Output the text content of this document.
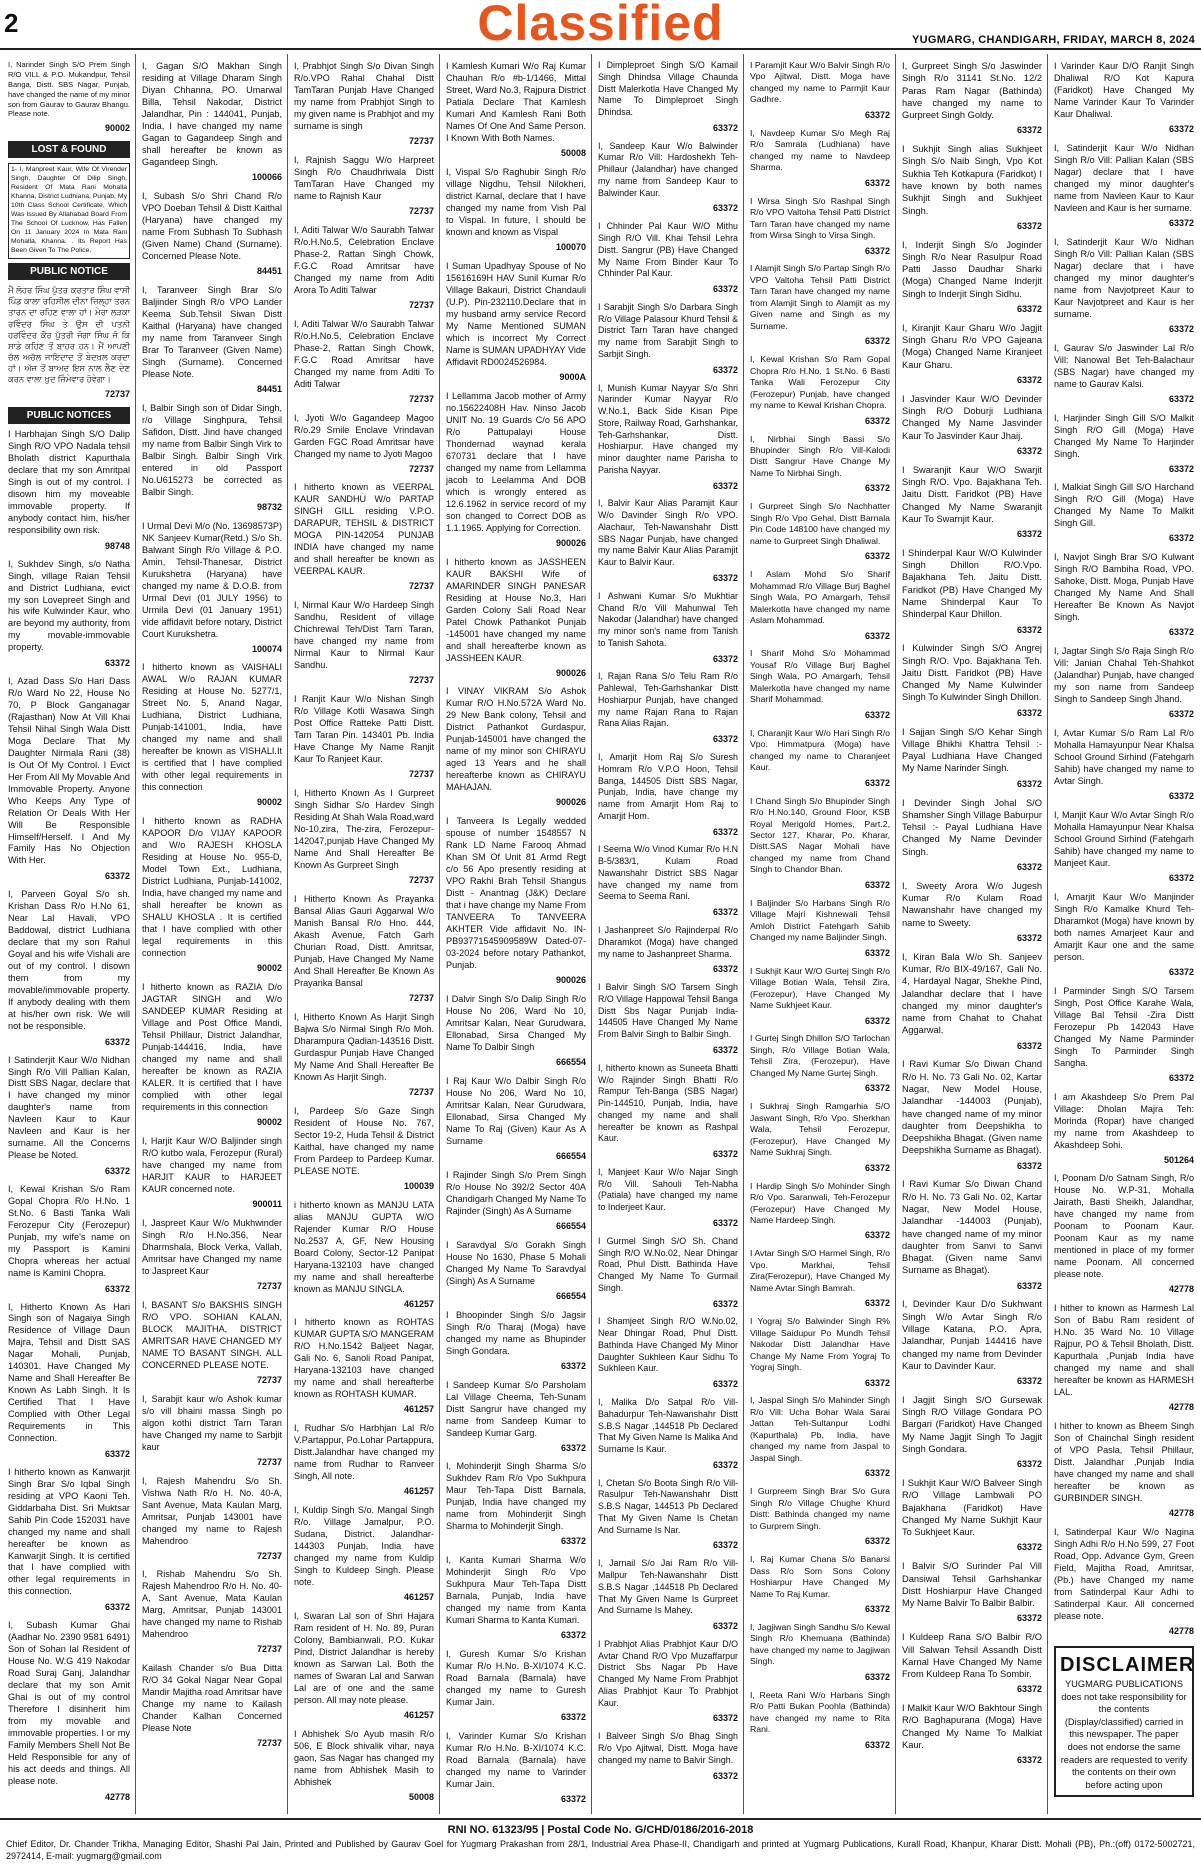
2	Classified	YUGMARG, CHANDIGARH, FRIDAY, MARCH 8, 2024
I, Narinder Singh S/O Prem Singh R/O VILL & P.O. Mukandpur, Tehsil Banga, Distt. SBS Nagar, Punjab, have changed the name of my minor son from Gaurav to Gaurav Bhangu. Please note.
90002
LOST & FOUND
1- I, Manpreet Kaur, Wife Of Virender Singh, Daughter Of Dilip Singh, Resident Of Mata Rani Mohalla Khanna, District Ludhiana, Punjab, My 10th Class School Certificate, Which Was Issued By Allahabad Board From The School Of Lucknow, Has Fallen On 11 January 2024 In Mata Rani Mohalla, Khanna. . Its Report Has Been Given To The Police.
PUBLIC NOTICE
ਮੈਂ ਲੋਹਰ ਸਿੰਘ ਪੁੱਤਰ ਕਰਤਾਰ ਸਿੰਘ ਵਾਸੀ ਪਿੰਡ ਕਾਲਾ ਰਹਿਸੀਲ ਦੀਨਾ ਜ਼ਿਲ੍ਹਾ ਤਰਨ ਤਾਰਨ ਦਾ ਰਹਿਣ ਵਾਲਾ ਹਾਂ। ਮੇਰਾ ਲੜਕਾ ਰਵਿੰਦਰ ਸਿੰਘ ਤੇ ਉਸ ਦੀ ਪਤਨੀ ਹਰਵਿੰਦਰ ਕੌਰ ਪੁੱਤਰੀ ਜੋਗਾ ਸਿੰਘ ਜੋ ਕਿ ਸਾਡੇ ਕਹਿਣ ਤੋਂ ਬਾਹਰ ਹਨ। ਮੈਂ ਆਪਣੀ ਚੱਲ ਅਚੱਲ ਜਾਇਦਾਦ ਤੋਂ ਬੇਦਖ਼ਲ ਕਰਦਾ ਹਾਂ। ਅੱਜ ਤੋਂ ਬਾਅਦ ਇਸ ਨਾਲ ਲੈਣ ਦੇਣ ਕਰਨ ਵਾਲਾ ਖ਼ੁਦ ਜ਼ਿੰਮੇਵਾਰ ਹੋਵੇਗਾ।
72737
PUBLIC NOTICES
I Harbhajan Singh S/O Dalip Singh R/O VPO Nadala tehsil Bholath district Kapurthala declare that my son Amritpal Singh is out of my control. I disown him my moveable immovable property. If anybody contact him, his/her responsibility own risk.
98748
I, Sukhdev Singh, s/o Natha Singh, village Raian Tehsil and District Ludhiana, evict my son Lovepreet Singh and his wife Kulwinder Kaur, who are beyond my authority, from my movable-immovable property.
63372
I, Azad Dass S/o Hari Dass R/o Ward No 22, House No 70, P Block Ganganagar (Rajasthan) Now At Vill Khai Tehsil Nihal Singh Wala Distt Moga Declare That My Daughter Nirmala Rani (38) Is Out Of My Control. I Evict Her From All My Movable And Immovable Property. Anyone Who Keeps Any Type of Relation Or Deals With Her Will Be Responsible Himself/Herself. I And My Family Has No Objection With Her.
63372
I, Parveen Goyal S/o sh. Krishan Dass R/o H.No 61, Near Lal Havali, VPO Baddowal, district Ludhiana declare that my son Rahul Goyal and his wife Vishali are out of my control. I disown them from my movable/immovable property. If anybody dealing with them at his/her own risk. We will not be responsible.
63372
I Satinderjit Kaur W/o Nidhan Singh R/o Vill Pallian Kalan, Distt SBS Nagar, declare that I have changed my minor daughter's name from Navleen Kaur to Kaur Navleen and Kaur is her surname. All the Concerns Please be Noted.
63372
I, Kewal Krishan S/o Ram Gopal Chopra R/o H.No. 1 St.No. 6 Basti Tanka Wali Ferozepur City (Ferozepur) Punjab, my wife's name on my Passport is Kamini Chopra whereas her actual name is Kamini Chopra.
63372
I, Hitherto Known As Hari Singh son of Nagaiya Singh Residence of Village Daun Majra, Tehsil and Distt SAS Nagar Mohali, Punjab, 140301. Have Changed My Name and Shall Hereafter Be Known As Labh Singh. It Is Certified That I Have Complied with Other Legal Requirements in This Connection.
63372
I hitherto known as Kanwarjit Singh Brar S/o Iqbal Singh residing at VPO Kaoni Teh. Giddarbaha Dist. Sri Muktsar Sahib Pin Code 152031 have changed my name and shall hereafter be known as Kanwarjit Singh. It is certified that I have complied with other legal requirements in this connection.
63372
I, Subash Kumar Ghai (Aadhar No. 2390 9581 6491) Son of Sohan lal Resident of House No. W.G 419 Nakodar Road Suraj Ganj, Jalandhar declare that my son Amit Ghai is out of my control Therefore I disinherit him from my movable and immovable properties. I or my Family Members Shell Not Be Held Responsible for any of his act deeds and things. All please note.
42778
I, Gagan S/O Makhan Singh residing at Village Dharam Singh Diyan Chhanna, PO. Umarwal Billa, Tehsil Nakodar, District Jalandhar, Pin : 144041, Punjab, India, I have changed my name Gagan to Gagandeep Singh and shall hereafter be known as Gagandeep Singh.
100066
I, Subash S/o Shri Chand R/o VPO Doeban Tehsil & Distt Kaithal (Haryana) have changed my name From Subhash To Subhash (Given Name) Chand (Surname). Concerned Please Note.
84451
I, Taranveer Singh Brar S/o Baljinder Singh R/o VPO Lander Keema Sub.Tehsil Siwan Distt Kaithal (Haryana) have changed my name from Taranveer Singh Brar To Taranveer (Given Name) Singh (Surname). Concerned Please Note.
84451
I, Balbir Singh son of Didar Singh, r/o Village Singhpura, Tehsil Safidon, Distt. Jind have changed my name from Balbir Singh Virk to Balbir Singh. Balbir Singh Virk entered in old Passport No.U615273 be corrected as Balbir Singh.
98732
I Urmal Devi M/o (No. 13698573P) NK Sanjeev Kumar(Retd.) S/o Sh. Balwant Singh R/o Village & P.O. Amin, Tehsil-Thanesar, District Kurukshetra (Haryana) have changed my name & D.O.B. from Urmal Devi (01 JULY 1956) to Urmila Devi (01 January 1951) vide affidavit before notary, District Court Kurukshetra.
100074
I hitherto known as VAISHALI AWAL W/o RAJAN KUMAR Residing at House No. 5277/1, Street No. 5, Anand Nagar, Ludhiana, District Ludhiana, Punjab-141001, India, have changed my name and shall hereafter be known as VISHALI.It is certified that I have complied with other legal requirements in this connection
90002
I hitherto known as RADHA KAPOOR D/o VIJAY KAPOOR and W/o RAJESH KHOSLA Residing at House No. 955-D, Model Town Ext., Ludhiana, District Ludhiana, Punjab-141002, India, have changed my name and shall hereafter be known as SHALU KHOSLA . It is certified that I have complied with other legal requirements in this connection
90002
I hitherto known as RAZIA D/o JAGTAR SINGH and W/o SANDEEP KUMAR Residing at Village and Post Office Mandi, Tehsil Phillaur, District Jalandhar, Punjab-144416, India, have changed my name and shall hereafter be known as RAZIA KALER. It is certified that I have complied with other legal requirements in this connection
90002
I, Harjit Kaur W/O Baljinder singh R/O kutbo wala, Ferozepur (Rural) have changed my name from HARJIT KAUR to HARJEET KAUR concerned note.
900011
I, Jaspreet Kaur W/o Mukhwinder Singh R/o H.No.356, Near Dharmshala, Block Verka, Vallah, Amritsar have Changed my name to Jaspreet Kaur
72737
I, BASANT S/o BAKSHIS SINGH R/O VPO. SOHIAN KALAN, BLOCK MAJITHA, DISTRICT AMRITSAR HAVE CHANGED MY NAME TO BASANT SINGH. ALL CONCERNED PLEASE NOTE.
72737
I, Sarabjit kaur w/o Ashok kumar s/o vill bhaini massa Singh po algon kothi district Tarn Taran have Changed my name to Sarbjit kaur
72737
I, Rajesh Mahendru S/o Sh. Vishwa Nath R/o H. No. 40-A, Sant Avenue, Mata Kaulan Marg, Amritsar, Punjab 143001 have changed my name to Rajesh Mahendroo
72737
I, Rishab Mahendru S/o Sh. Rajesh Mahendroo R/o H. No. 40-A, Sant Avenue, Mata Kaulan Marg, Amritsar, Punjab 143001 have changed my name to Rishab Mahendroo
72737
Kailash Chander s/o Bua Ditta R/O 34 Gokal Nagar Near Gopal Mandir Majitha road Amritsar have Change my name to Kailash Chander Kalhan Concerned Please Note
72737
I, Prabhjot Singh S/o Divan Singh R/o.VPO Rahal Chahal Distt TamTaran Punjab Have Changed my name from Prabhjot Singh to my given name is Prabhjot and my surname is singh
72737
I, Rajnish Saggu W/o Harpreet Singh R/o Chaudhriwala Distt TamTaran Have Changed my name to Rajnish Kaur
72737
I, Aditi Talwar W/o Saurabh Talwar R/o.H.No.5, Celebration Enclave Phase-2, Rattan Singh Chowk, F.G.C Road Amritsar have Changed my name from Aditi Arora To Aditi Talwar
72737
I, Aditi Talwar W/o Saurabh Talwar R/o.H.No.5, Celebration Enclave Phase-2, Rattan Singh Chowk, F.G.C Road Amritsar have Changed my name from Aditi To Aditi Talwar
72737
I, Jyoti W/o Gagandeep Magoo R/o.29 Smile Enclave Vrindavan Garden FGC Road Amritsar have Changed my name to Jyoti Magoo
72737
I hitherto known as VEERPAL KAUR SANDHU W/o PARTAP SINGH GILL residing V.P.O. DARAPUR, TEHSIL & DISTRICT MOGA PIN-142054 PUNJAB INDIA have changed my name and shall hereafter be known as VEERPAL KAUR.
72737
I, Nirmal Kaur W/o Hardeep Singh Sandhu, Resident of village Chichrewal Teh/Dist Tarn Taran, have changed my name from Nirmal Kaur to Nirmal Kaur Sandhu.
72737
I Ranjit Kaur W/o Nishan Singh R/o Village Kotli Wasawa Singh Post Office Ratteke Patti Distt. Tarn Taran Pin. 143401 Pb. India Have Change My Name Ranjit Kaur To Ranjeet Kaur.
72737
I, Hitherto Known As I Gurpreet Singh Sidhar S/o Hardev Singh Residing At Shah Wala Road,ward No-10,zira, The-zira, Ferozepur-142047,punjab Have Changed My Name And Shall Hereafter Be Known As Gurpreet Singh
72737
I Hitherto Known As Prayanka Bansal Alias Gauri Aggarwal W/o Manish Bansal R/o Hno. 444, Akash Avenue, Fatch Garh Churian Road, Distt. Amritsar, Punjab, Have Changed My Name And Shall Hereafter Be Known As Prayanka Bansal
72737
I, Hitherto Known As Harjit Singh Bajwa S/o Nirmal Singh R/o Moh. Dharampura Qadian-143516 Distt. Gurdaspur Punjab Have Changed My Name And Shall Hereafter Be Known As Harjit Singh.
72737
I, Pardeep S/o Gaze Singh Resident of House No. 767, Sector 19-2, Huda Tehsil & District Kaithal, have changed my name From Pardeep to Pardeep Kumar. PLEASE NOTE.
100039
i hitherto known as MANJU LATA alias MANJU GUPTA W/O Rajender Kumar R/O House No.2537 A, GF, New Housing Board Colony, Sector-12 Panipat Haryana-132103 have changed my name and shall hereafterbe known as MANJU SINGLA.
461257
I hitherto known as ROHTAS KUMAR GUPTA S/O MANGERAM R/O H.No.1542 Baljeet Nagar, Gali No. 6, Sanoli Road Panipat, Haryana-132103 have changed my name and shall hereafterbe known as ROHTASH KUMAR.
461257
I, Rudhar S/o Harbhjan Lal R/o V.Partappur, Po.Lohar Partappura, Distt.Jalandhar have changed my name from Rudhar to Ranveer Singh, All note.
461257
I, Kuldip Singh S/o. Mangal Singh R/o. Village Jamalpur, P.O. Sudana, District. Jalandhar-144303 Punjab, India have changed my name from Kuldip Singh to Kuldeep Singh. Please note.
461257
I, Swaran Lal son of Shri Hajara Ram resident of H. No. 89, Puran Colony, Bambianwali, P.O. Kukar Pind, District Jalandhar is hereby known as Sarwan Lal. Both the names of Swaran Lal and Sarwan Lal are of one and the same person. All may note please.
461257
I Abhishek S/o Ayub masih R/o 506, E Block shivalik vihar, naya gaon, Sas Nagar has changed my name from Abhishek Masih to Abhishek
50008
I Kamlesh Kumari W/o Raj Kumar Chauhan R/o #b-1/1466, Mittal Street, Ward No.3, Rajpura District Patiala Declare That Kamlesh Kumari And Kamlesh Rani Both Names Of One And Same Person. I Known With Both Names.
50008
I, Vispal S/o Raghubir Singh R/o village Nigdhu, Tehsil Nilokheri, district Karnal, declare that I have changed my name from Vish Pal to Vispal. In future, I should be known and known as Vispal
100070
I Suman Upadhyay Spouse of No 15616169H HAV Sunil Kumar R/o Village Bakauri, District Chandauli (U.P). Pin-232110.Declare that in my husband army service Record My Name Mentioned SUMAN which is incorrect My Correct Name is SUMAN UPADHYAY Vide Affidavit RD0024526984.
9000A
I Lellamma Jacob mother of Army no.15622408H Hav. Ninso Jacob UNIT No. 19 Guards C/o 56 APO R/o Pattupalayi House Thondernad waynad kerala 670731 declare that I have changed my name from Lellamma jacob to Leelamma And DOB which is wrongly entered as 12.6.1962 in service record of my son changed to Correct DOB as 1.1.1965. Applying for Correction.
900026
I hitherto known as JASSHEEN KAUR BAKSHI Wife of AMARINDER SINGH PANESAR Residing at House No.3, Hari Garden Colony Sali Road Near Patel Chowk Pathankot Punjab -145001 have changed my name and shall hereafterbe known as JASSHEEN KAUR.
900026
I VINAY VIKRAM S/o Ashok Kumar R/O H.No.572A Ward No. 29 New Bank colony, Tehsil and District Pathankot Gurdaspur, Punjab-145001 have changed the name of my minor son CHIRAYU aged 13 Years and he shall hereafterbe known as CHIRAYU MAHAJAN.
900026
I Tanveera Is Legally wedded spouse of number 1548557 N Rank LD Name Farooq Ahmad Khan SM Of Unit 81 Armd Regt c/o 56 Apo presently residing at VPO Rakhi Brah Tehsil Shangus Distt - Anantnag (J&K) Declare that i have change my Name From TANVEERA To TANVEERA AKHTER Vide affidavit No. IN-PB93771545909589W Dated-07-03-2024 before notary Pathankot, Punjab.
900026
I Dalvir Singh S/o Dalip Singh R/o House No 206, Ward No 10, Amritsar Kalan, Near Gurudwara, Ellonabad, Sirsa Changed My Name To Dalbir Singh
666554
I Raj Kaur W/o Dalbir Singh R/o House No 206, Ward No 10, Amritsar Kalan, Near Gurudwara, Ellonabad, Sirsa Changed My Name To Raj (Given) Kaur As A Surname
666554
I Rajinder Singh S/o Prem Singh R/o House No 392/2 Sector 40A Chandigarh Changed My Name To Rajinder (Singh) As A Surname
666554
I Saravdyal S/o Gorakh Singh House No 1630, Phase 5 Mohali Changed My Name To Saravdyal (Singh) As A Surname
666554
I Bhoopinder Singh S/o Jagsir Singh R/o Tharaj (Moga) have changed my name as Bhupinder Singh Gondara.
63372
I Sandeep Kumar S/o Parsholam Lal Village Cheema, Teh-Sunam Distt Sangrur have changed my name from Sandeep Kumar to Sandeep Kumar Garg.
63372
I, Mohinderjit Singh Sharma S/o Sukhdev Ram R/o Vpo Sukhpura Maur Teh-Tapa Distt Barnala, Punjab, India have changed my name from Mohinderjit Singh Sharma to Mohinderjit Singh.
63372
I, Kanta Kumari Sharma W/o Mohinderjit Singh R/o Vpo Sukhpura Maur Teh-Tapa Distt Barnala, Punjab, India have changed my name from Kanta Kumari Sharma to Kanta Kumari.
63372
I, Guresh Kumar S/o Krishan Kumar R/o H.No. B-XI/1074 K.C. Road Barnala (Barnala) have changed my name to Guresh Kumar Jain.
63372
I, Varinder Kumar S/o Krishan Kumar R/o H.No. B-XI/1074 K.C. Road Barnala (Barnala) have changed my name to Varinder Kumar Jain.
63372
I Dimpleproet Singh S/O Kamail Singh Dhindsa Village Chaunda Distt Malerkotla Have Changed My Name To Dimpleproet Singh Dhindsa.
63372
I, Sandeep Kaur W/o Balwinder Kumar R/o Vill: Hardoshekh Teh-Phillaur (Jalandhar) have changed my name from Sandeep Kaur to Balwinder Kaur.
63372
I Chhinder Pal Kaur W/O Mithu Singh R/O Vill. Khai Tehsil Lehra Distt. Sangrur (PB) Have Changed My Name From Binder Kaur To Chhinder Pal Kaur.
63372
I Sarabjit Singh S/o Darbara Singh R/o Village Palasour Khurd Tehsil & District Tarn Taran have changed my name from Sarabjit Singh to Sarbjit Singh.
63372
I, Munish Kumar Nayyar S/o Shri Narinder Kumar Nayyar R/o W.No.1, Back Side Kisan Pipe Store, Railway Road, Garhshankar, Teh-Garhshankar, Distt. Hoshiarpur. Have changed my minor daughter name Parisha to Parisha Nayyar.
63372
I, Balvir Kaur Alias Paramjit Kaur W/o Davinder Singh R/o VPO. Alachaur, Teh-Nawanshahr Distt SBS Nagar Punjab, have changed my name Balvir Kaur Alias Paramjit Kaur to Balvir Kaur.
63372
I Ashwani Kumar S/o Mukhtiar Chand R/o Vill Mahunwal Teh Nakodar (Jalandhar) have changed my minor son's name from Tanish to Tanish Sahota.
63372
I, Rajan Rana S/o Telu Ram R/o Pahlewal, Teh-Garhshankar Distt Hoshiarpur Punjab, have changed my name Rajan Rana to Rajan Rana Alias Rajan.
63372
I, Amarjit Hom Raj S/o Suresh Homram R/o V.P.O Hoon, Tehsil Banga, 144505 Distt SBS Nagar, Punjab, India, have change my name from Amarjit Hom Raj to Amarjit Hom.
63372
I Seema W/o Vinod Kumar R/o H.N B-5/383/1, Kulam Road Nawanshahr District SBS Nagar have changed my name from Seema to Seema Rani.
63372
I Jashanpreet S/o Rajinderpal R/o Dharamkot (Moga) have changed my name to Jashanpreet Sharma.
63372
I Balvir Singh S/O Tarsem Singh R/O Village Happowal Tehsil Banga Distt Sbs Nagar Punjab India-144505 Have Changed My Name From Balvir Singh to Balbir Singh.
63372
I, hitherto known as Suneeta Bhatti W/o Rajinder Singh Bhatti R/o Rampur Teh-Banga (SBS Nagar) Pin-144510, Punjab, India, have changed my name and shall hereafter be known as Rashpal Kaur.
63372
I, Manjeet Kaur W/o Najar Singh R/o Vill. Sahouli Teh-Nabha (Patiala) have changed my name to Inderjeet Kaur.
63372
I Gurmel Singh S/O Sh. Chand Singh R/O W.No.02, Near Dhingar Road, Phul Distt. Bathinda Have Changed My Name To Gurmail Singh.
63372
I Shamjeet Singh R/O W.No.02, Near Dhingar Road, Phul Distt. Bathinda Have Changed My Minor Daughter Sukhleen Kaur Sidhu To Sukhleen Kaur.
63372
I, Malika D/o Satpal R/o Vill-Bahadurpur Teh-Nawanshahr Distt S.B.S Nagar ,144518 Pb Declared That My Given Name Is Malika And Surname Is Kaur.
63372
I, Chetan S/o Boota Singh R/o Vill-Rasulpur Teh-Nawanshahr Distt S.B.S Nagar, 144513 Pb Declared That My Given Name Is Chetan And Surname Is Nar.
63372
I, Jarnail S/o Jai Ram R/o Vill-Mallpur Teh-Nawanshahr Distt S.B.S Nagar ,144518 Pb Declared That My Given Name Is Gurpreet And Surname Is Mahey.
63372
I Prabhjot Alias Prabhjot Kaur D/O Avtar Chand R/O Vpo Muzaffarpur District Sbs Nagar Pb Have Changed My Name From Prabhjot Alias Prabhjot Kaur To Prabhjot Kaur.
63372
I Balveer Singh S/o Bhag Singh R/o Vpo Ajitwal, Distt. Moga have changed my name to Balvir Singh.
63372
I Paramjit Kaur W/o Balvir Singh R/o Vpo Ajitwal, Distt. Moga have changed my name to Parmjit Kaur Gadhre.
63372
I, Navdeep Kumar S/o Megh Raj R/o Samrala (Ludhiana) have changed my name to Navdeep Sharma.
63372
I Wirsa Singh S/o Rashpal Singh R/o VPO Valtoha Tehsil Patti District Tarn Taran have changed my name from Wirsa Singh to Virsa Singh.
63372
I Alamjit Singh S/o Partap Singh R/o VPO Valtoha Tehsil Patti District Tarn Taran have changed my name from Alamjit Singh to Alamjit as my Given name and Singh as my Surname.
63372
I, Kewal Krishan S/o Ram Gopal Chopra R/o H.No. 1 St.No. 6 Basti Tanka Wali Ferozepur City (Ferozepur) Punjab, have changed my name to Kewal Krishan Chopra.
63372
I, Nirbhai Singh Bassi S/o Bhupinder Singh R/o Vill-Kalodi Distt Sangrur Have Change My Name To Nirbhai Singh.
63372
I Gurpreet Singh S/o Nachhatter Singh R/o Vpo Gehal, Distt Barnala Pin Code 148100 have changed my name to Gurpreet Singh Dhaliwal.
63372
I Aslam Mohd S/o Sharif Mohammad R/o Village Burj Baghel Singh Wala, PO Amargarh, Tehsil Malerkotla have changed my name Aslam Mohammad.
63372
I Sharif Mohd S/o Mohammad Yousaf R/o Village Burj Baghel Singh Wala, PO Amargarh, Tehsil Malerkotla have changed my name Sharif Mohammad.
63372
I, Charanjit Kaur W/o Hari Singh R/o Vpo. Himmatpura (Moga) have changed my name to Charanjeet Kaur.
63372
I Chand Singh S/o Bhupinder Singh R/o H.No.140, Ground Floor, KSB Royal Merigold Homes, Part.2, Sector 127, Kharar, Po. Kharar, Distt.SAS Nagar Mohali have changed my name from Chand Singh to Chandor Bhan.
63372
I Baljinder S/o Harbans Singh R/o Village Majri Kishnewali Tehsil Amloh District Fatehgarh Sahib Changed my name Baljinder Singh.
63372
I Sukhjit Kaur W/O Gurtej Singh R/o Village Botian Wala, Tehsil Zira, (Ferozepur), Have Changed My Name Sukhjeet Kaur.
63372
I Gurtej Singh Dhillon S/O Tarlochan Singh, R/o Village Botian Wala, Tehsil Zira, (Ferozepur), Have Changed My Name Gurtej Singh.
63372
I Sukhraj Singh Ramgarhia S/O Jaswant Singh, R/o Vpo. Sherkhan Wala, Tehsil Ferozepur, (Ferozepur), Have Changed My Name Sukhraj Singh.
63372
I Hardip Singh S/o Mohinder Singh R/o Vpo. Saranwali, Teh-Ferozepur (Ferozepur) Have Changed My Name Hardeep Singh.
63372
I Avtar Singh S/O Harmel Singh, R/o Vpo. Markhai, Tehsil Zira(Ferozepur), Have Changed My Name Avtar Singh Bamrah.
63372
I Yograj S/o Balwinder Singh R% Village Saidupur Po Mundh Tehsil Nakodar Distt Jalandhar Have Change My Name From Yograj To Yograj Singh.
63372
I, Jaspal Singh S/o Mahinder Singh R/o Vill: Ucha Bohar Wala Sarai Jattan Teh-Sultanpur Lodhi (Kapurthala) Pb, India, have changed my name from Jaspal to Jaspal Singh.
63372
I Gurpreem Singh Brar S/o Gura Singh R/o Village Chughe Khurd Distt: Bathinda changed my name to Gurprem Singh.
63372
I, Raj Kumar Chana S/o Banarsi Dass R/o Som Sons Colony Hoshiarpur Have Changed My Name To Raj Kumar.
63372
I, Jagjiwan Singh Sandhu S/o Kewal Singh R/o Khemuana (Bathinda) have changed my name to Jagjiwan Singh.
63372
I, Reeta Rani W/o Harbans Singh R/o Patti Bukan Poohla (Bathinda) have changed my name to Rita Rani.
63372
I, Gurpreet Singh S/o Jaswinder Singh R/o 31141 St.No. 12/2 Paras Ram Nagar (Bathinda) have changed my name to Gurpreet Singh Goldy.
63372
I Sukhjit Singh alias Sukhjeet Singh S/o Naib Singh, Vpo Kot Sukhia Teh Kotkapura (Faridkot) I have known by both names Sukhjit Singh and Sukhjeet Singh.
63372
I, Inderjit Singh S/o Joginder Singh R/o Near Rasulpur Road Patti Jasso Daudhar Sharki (Moga) Changed Name Inderjit Singh to Inderjit Singh Sidhu.
63372
I, Kiranjit Kaur Gharu W/o Jagjit Singh Gharu R/o VPO Gajeana (Moga) Changed Name Kiranjeet Kaur Gharu.
63372
I Jasvinder Kaur W/O Devinder Singh R/O Doburji Ludhiana Changed My Name Jasvinder Kaur To Jasvinder Kaur Jhaij.
63372
I Swaranjit Kaur W/O Swarjit Singh R/O. Vpo. Bajakhana Teh. Jaitu Distt. Faridkot (PB) Have Changed My Name Swaranjit Kaur To Swarnjit Kaur.
63372
I Shinderpal Kaur W/O Kulwinder Singh Dhillon R/O.Vpo. Bajakhana Teh. Jaitu Distt. Faridkot (PB) Have Changed My Name Shinderpal Kaur To Shinderpal Kaur Dhillon.
63372
I Kulwinder Singh S/O Angrej Singh R/O. Vpo. Bajakhana Teh. Jaitu Distt. Faridkot (PB) Have Changed My Name Kulwinder Singh To Kulwinder Singh Dhillon.
63372
I Sajjan Singh S/O Kehar Singh Village Bhikhi Khattra Tehsil :- Payal Ludhiana Have Changed My Name Narinder Singh.
63372
I Devinder Singh Johal S/O Shamsher Singh Village Baburpur Tehsil :- Payal Ludhiana Have Changed My Name Devinder Singh.
63372
I, Sweety Arora W/o Jugesh Kumar R/o Kulam Road Nawanshahr have changed my name to Sweety.
63372
I, Kiran Bala W/o Sh. Sanjeev Kumar, R/o BIX-49/167, Gali No. 4, Hardayal Nagar, Shekhe Pind, Jalandhar declare that I have changed my minor daughter's name from Chahat to Chahat Aggarwal.
63372
I Ravi Kumar S/o Diwan Chand R/o H. No. 73 Gali No. 02, Kartar Nagar, New Model House, Jalandhar -144003 (Punjab), have changed name of my minor daughter from Deepshikha to Deepshikha Bhagat. (Given name Deepshikha Surname as Bhagat).
63372
I Ravi Kumar S/o Diwan Chand R/o H. No. 73 Gali No. 02, Kartar Nagar, New Model House, Jalandhar -144003 (Punjab), have changed name of my minor daughter from Sanvi to Sanvi Bhagat. (Given name Sanvi Surname as Bhagat).
63372
I, Devinder Kaur D/o Sukhwant Singh W/o Avtar Singh R/o Village Katana, P.O. Apra, Jalandhar, Punjab 144416 have changed my name from Devinder Kaur to Davinder Kaur.
63372
I Jagjit Singh S/O Gursewak Singh R/O Village Gondara PO Bargari (Faridkot) Have Changed My Name Jagjit Singh To Jagjit Singh Gondara.
63372
I Sukhjit Kaur W/O Balveer Singh R/O Village Lambwali PO Bajakhana (Faridkot) Have Changed My Name Sukhjit Kaur To Sukhjeet Kaur.
63372
I Balvir S/O Surinder Pal Vill Dansiwal Tehsil Garhshankar Distt Hoshiarpur Have Changed My Name Balvir To Balbir Balbir.
63372
I Kuldeep Rana S/O Balbir R/O Vill Salwan Tehsil Assandh Distt Karnal Have Changed My Name From Kuldeep Rana To Sombir.
63372
I Malkit Kaur W/O Bakhtour Singh R/O Baghapurana (Moga) Have Changed My Name To Malkiat Kaur.
63372
I Varinder Kaur D/O Ranjit Singh Dhaliwal R/O Kot Kapura (Faridkot) Have Changed My Name Varinder Kaur To Varinder Kaur Dhaliwal.
63372
I, Satinderjit Kaur W/o Nidhan Singh R/o Vill: Pallian Kalan (SBS Nagar) declare that I have changed my minor daughter's name from Navleen Kaur to Kaur Navleen and Kaur is her surname.
63372
I, Satinderjit Kaur W/o Nidhan Singh R/o Vill: Pallian Kalan (SBS Nagar) declare that i have changed my minor daughter's name from Navjotpreet Kaur to Kaur Navjotpreet and Kaur is her surname.
63372
I, Gaurav S/o Jaswinder Lal R/o Vill: Nanowal Bet Teh-Balachaur (SBS Nagar) have changed my name to Gaurav Kalsi.
63372
I, Harjinder Singh Gill S/O Malkit Singh R/O Gill (Moga) Have Changed My Name To Harjinder Singh.
63372
I, Malkiat Singh Gill S/O Harchand Singh R/O Gill (Moga) Have Changed My Name To Malkit Singh Gill.
63372
I, Navjot Singh Brar S/O Kulwant Singh R/O Bambiha Road, VPO. Sahoke, Distt. Moga, Punjab Have Changed My Name And Shall Hereafter Be Known As Navjot Singh.
63372
I, Jagtar Singh S/o Raja Singh R/o Vill: Janian Chahal Teh-Shahkot (Jalandhar) Punjab, have changed my son name from Sandeep Singh to Sandeep Singh Jhand.
63372
I, Avtar Kumar S/o Ram Lal R/o Mohalla Hamayunpur Near Khalsa School Ground Sirhind (Fatehgarh Sahib) have changed my name to Avtar Singh.
63372
I, Manjit Kaur W/o Avtar Singh R/o Mohalla Hamayunpur Near Khalsa School Ground Sirhind (Fatehgarh Sahib) have changed my name to Manjeet Kaur.
63372
I, Amarjit Kaur W/o Manjinder Singh R/o Kamalke Khurd Teh-Dharamkot (Moga) have known by both names Amarjeet Kaur and Amarjit Kaur one and the same person.
63372
I Parminder Singh S/O Tarsem Singh, Post Office Karahe Wala, Village Bal Tehsil -Zira Distt Ferozepur Pb 142043 Have Changed My Name Parminder Singh To Parminder Singh Sangha.
63372
I am Akashdeep S/o Prem Pal Village: Dholan Majra Teh: Morinda (Ropar) have changed my name from Akashdeep to Akashdeep Sohi.
501264
I, Poonam D/o Satnam Singh, R/o House No. W.P-31, Mohalla Jairath, Basti Sheikh, Jalandhar, have changed my name from Poonam to Poonam Kaur. Poonam Kaur as my name mentioned in place of my former name Poonam. All concerned please note.
42778
I hither to known as Harmesh Lal Son of Babu Ram resident of H.No. 35 Ward No. 10 Village Rajpur, PO & Tehsil Bholath, Distt. Kapurthala ,Punjab India have changed my name and shall hereafter be known as HARMESH LAL.
42778
I hither to known as Bheem Singh Son of Chainchal Singh resident of VPO Pasla, Tehsil Phillaur, Distt. Jalandhar ,Punjab India have changed my name and shall hereafter be known as GURBINDER SINGH.
42778
I, Satinderpal Kaur W/o Nagina Singh Adhi R/o H.No 599, 27 Foot Road, Opp. Advance Gym, Green Field, Majitha Road, Amritsar, (Pb.) have Changed my name from Satinderpal Kaur Adhi to Satinderpal Kaur. All concerned please note.
42778
DISCLAIMER
YUGMARG PUBLICATIONS does not take responsibility for the contents (Display/classified) carried in this newspaper. The paper does not endorse the same readers are requested to verify the contents on their own before acting upon
RNI NO. 61323/95 | Postal Code No. G/CHD/0186/2016-2018
Chief Editor, Dr. Chander Trikha, Managing Editor, Shashi Pal Jain, Printed and Published by Gaurav Goel for Yugmarg Prakashan from 28/1, Industrial Area Phase-II, Chandigarh and printed at Yugmarg Publications, Kurall Road, Khanpur, Kharar Distt. Mohali (PB), Ph.:(off) 0172-5002721, 2972414, E-mail: yugmarg@gmail.com
